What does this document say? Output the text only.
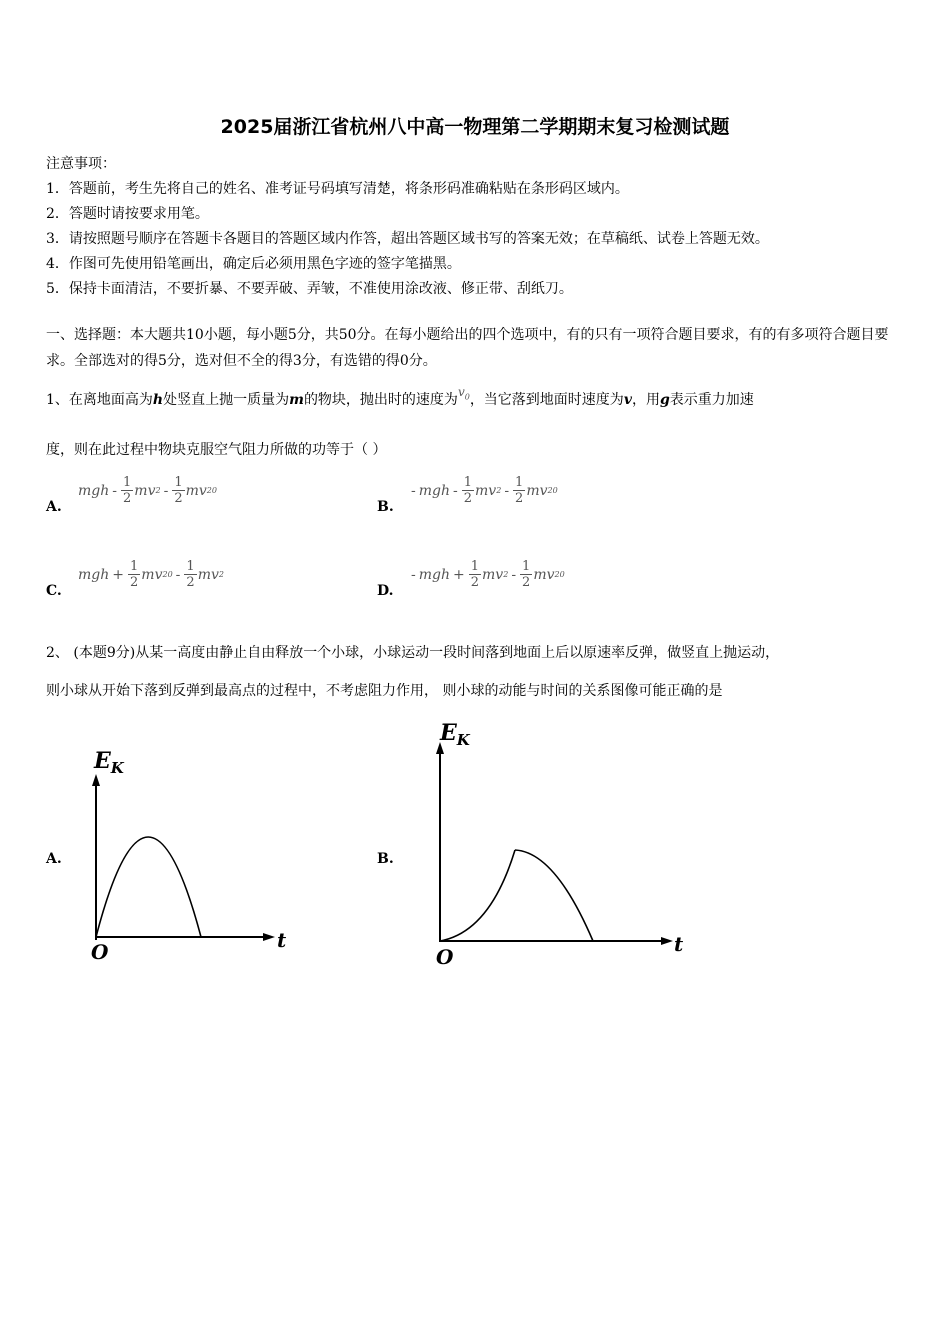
2025届浙江省杭州八中高一物理第二学期期末复习检测试题
注意事项：
1．答题前，考生先将自己的姓名、准考证号码填写清楚，将条形码准确粘贴在条形码区域内。
2．答题时请按要求用笔。
3．请按照题号顺序在答题卡各题目的答题区域内作答，超出答题区域书写的答案无效；在草稿纸、试卷上答题无效。
4．作图可先使用铅笔画出，确定后必须用黑色字迹的签字笔描黑。
5．保持卡面清洁，不要折暴、不要弄破、弄皱，不准使用涂改液、修正带、刮纸刀。
一、选择题：本大题共10小题，每小题5分，共50分。在每小题给出的四个选项中，有的只有一项符合题目要求，有的有多项符合题目要求。全部选对的得5分，选对但不全的得3分，有选错的得0分。
1、在离地面高为h处竖直上抛一质量为m的物块，抛出时的速度为$v_0$，当它落到地面时速度为v，用g表示重力加速
度，则在此过程中物块克服空气阻力所做的功等于（ ）
A.
mgh - $\frac{1}{2}$ m v $2 - \frac{1}{2}$ m v 2 0
B.
- mgh - $\frac{1}{2}$ m v $2 - \frac{1}{2}$ m v 2 0
C.
mgh + $\frac{1}{2}$ m v 2 $0 - \frac{1}{2}$ m v 2
D.
- mgh + $\frac{1}{2}$ m v $2 - \frac{1}{2}$ m v 2 0
2、 (本题9分)从某一高度由静止自由释放一个小球，小球运动一段时间落到地面上后以原速率反弹，做竖直上抛运动，
则小球从开始下落到反弹到最高点的过程中，不考虑阻力作用， 则小球的动能与时间的关系图像可能正确的是
A.
$E_K$
t
O
B.
$E_K$
t
O
